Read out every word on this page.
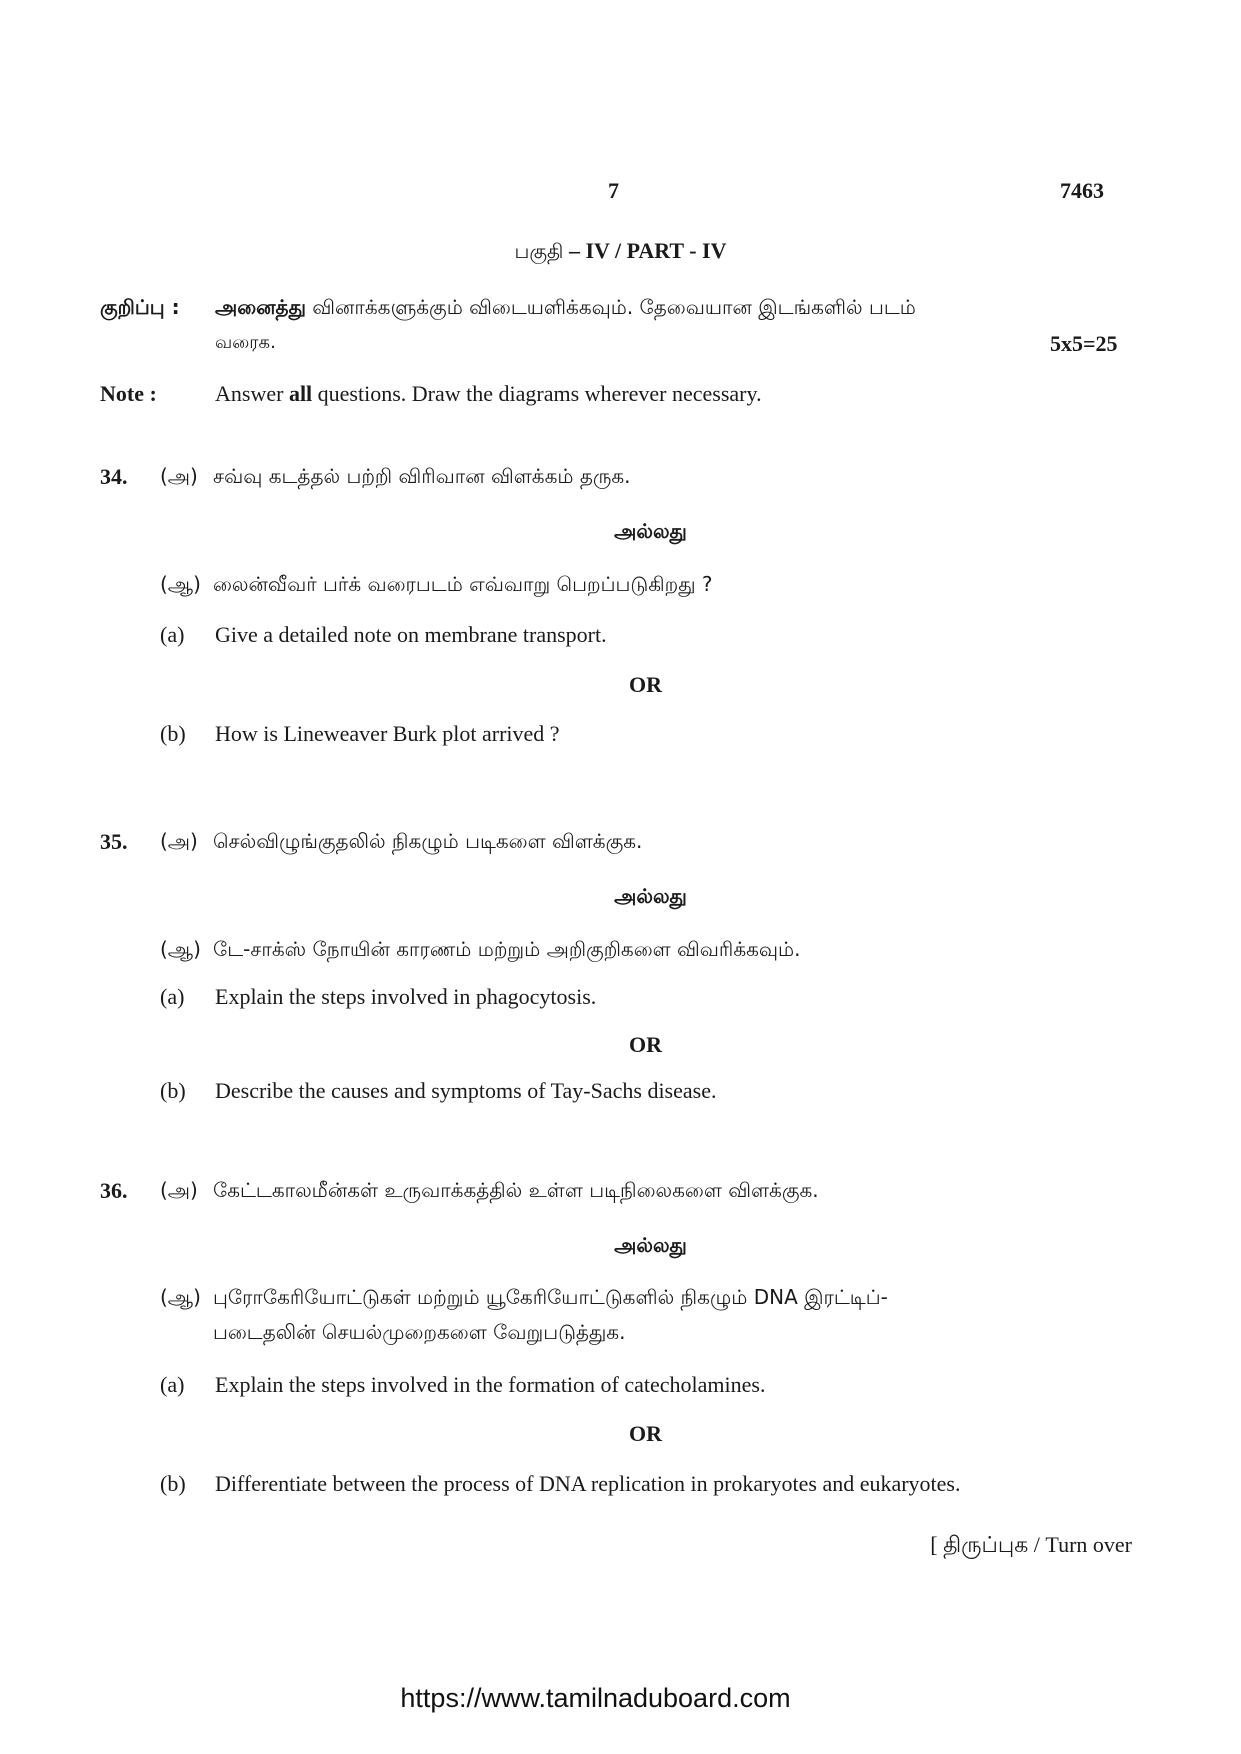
7	7463
பகுதி – IV / PART - IV
குறிப்பு : அனைத்து வினாக்களுக்கும் விடையளிக்கவும். தேவையான இடங்களில் படம்
வரைக.	5x5=25
Note :	Answer all questions. Draw the diagrams wherever necessary.
34. (அ) சவ்வு கடத்தல் பற்றி விரிவான விளக்கம் தருக.
அல்லது
(ஆ) லைன்வீவர் பர்க் வரைபடம் எவ்வாறு பெறப்படுகிறது ?
(a) Give a detailed note on membrane transport.
OR
(b) How is Lineweaver Burk plot arrived ?
35. (அ) செல்விழுங்குதலில் நிகழும் படிகளை விளக்குக.
அல்லது
(ஆ) டே-சாக்ஸ் நோயின் காரணம் மற்றும் அறிகுறிகளை விவரிக்கவும்.
(a) Explain the steps involved in phagocytosis.
OR
(b) Describe the causes and symptoms of Tay-Sachs disease.
36. (அ) கேட்டகாலமீன்கள் உருவாக்கத்தில் உள்ள படிநிலைகளை விளக்குக.
அல்லது
(ஆ) புரோகேரியோட்டுகள் மற்றும் யூகேரியோட்டுகளில் நிகழும் DNA இரட்டிப்-
படைதலின் செயல்முறைகளை வேறுபடுத்துக.
(a) Explain the steps involved in the formation of catecholamines.
OR
(b) Differentiate between the process of DNA replication in prokaryotes and eukaryotes.
[ திருப்புக / Turn over
https://www.tamilnaduboard.com
